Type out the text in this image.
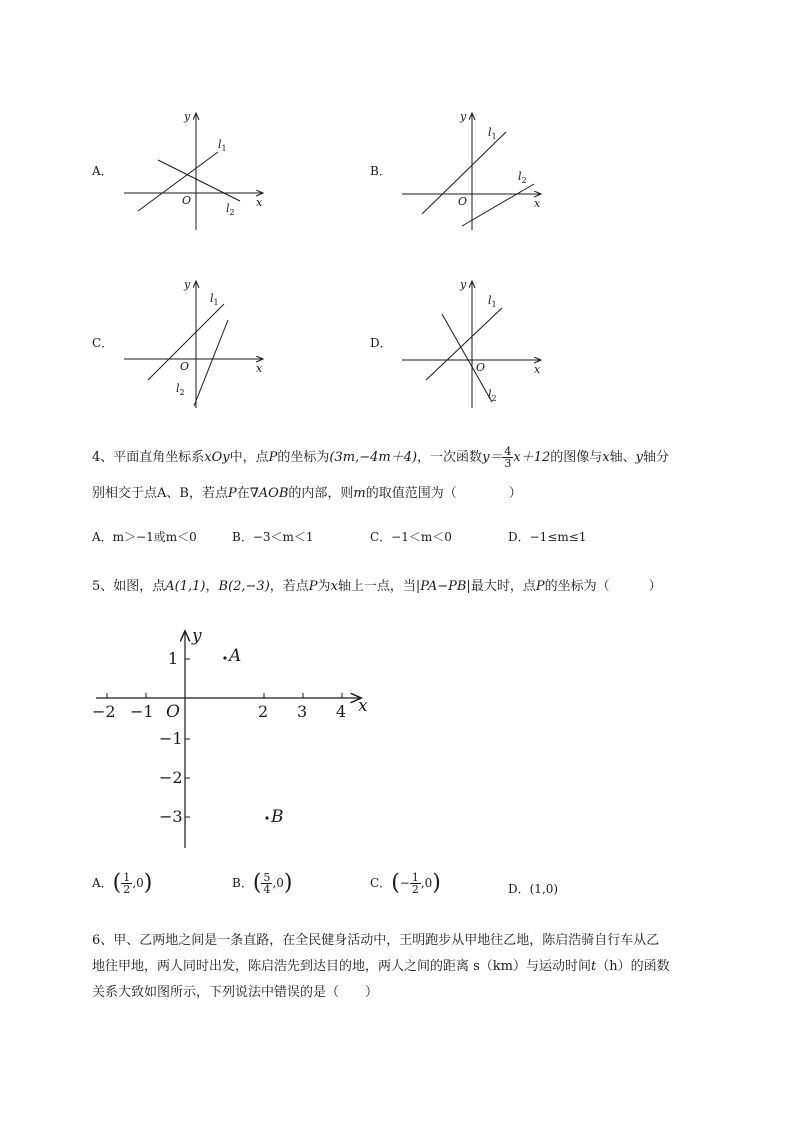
A．
y
x
O
$l_1$
$l_2$
B．
y
x
O
$l_1$
$l_2$
C．
y
x
O
$l_1$
$l_2$
D．
y
x
O
$l_1$
$l_2$
4、平面直角坐标系xOy中，点P的坐标为(3m,−4m＋4)，一次函数$y= \frac{4}{3} x+12$的图像与x轴、y轴分
别相交于点A、B，若点P在∇AOB的内部，则m的取值范围为（　　　　）
A．m＞−1或m＜0	B．−3＜m＜1	C．−1＜m＜0	D．−1≤m≤1
5、如图，点A(1,1)，B(2,−3)，若点P为x轴上一点，当|PA−PB|最大时，点P的坐标为（　　　）
y
x
O
−2 −1	2 3 4
1
−1
−2
−3
A
B
A．( $\frac{1}{2} ,0$)	B．( $\frac{5}{4} ,0$)	C．(− $\frac{1}{2} ,0$)	D．(1,0)
6、甲、乙两地之间是一条直路，在全民健身活动中，王明跑步从甲地往乙地，陈启浩骑自行车从乙
地往甲地，两人同时出发，陈启浩先到达目的地，两人之间的距离 s（km）与运动时间t（h）的函数
关系大致如图所示，下列说法中错误的是（　　）
